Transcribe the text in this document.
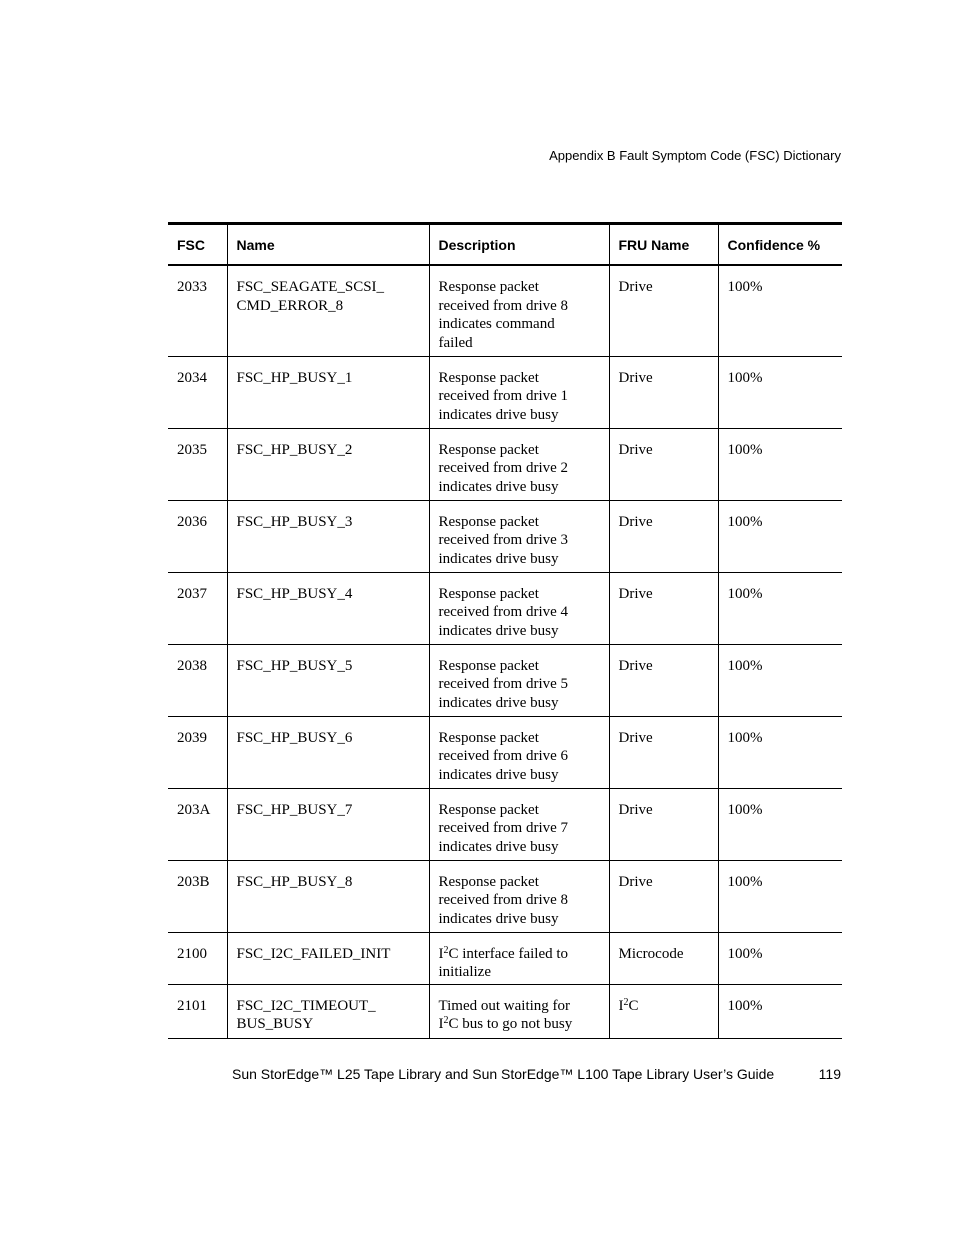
Appendix B Fault Symptom Code (FSC) Dictionary
FSC	Name	Description	FRU Name	Confidence %
2033	FSC_SEAGATE_SCSI_
CMD_ERROR_8	Response packet
received from drive 8
indicates command
failed	Drive	100%
2034	FSC_HP_BUSY_1	Response packet
received from drive 1
indicates drive busy	Drive	100%
2035	FSC_HP_BUSY_2	Response packet
received from drive 2
indicates drive busy	Drive	100%
2036	FSC_HP_BUSY_3	Response packet
received from drive 3
indicates drive busy	Drive	100%
2037	FSC_HP_BUSY_4	Response packet
received from drive 4
indicates drive busy	Drive	100%
2038	FSC_HP_BUSY_5	Response packet
received from drive 5
indicates drive busy	Drive	100%
2039	FSC_HP_BUSY_6	Response packet
received from drive 6
indicates drive busy	Drive	100%
203A	FSC_HP_BUSY_7	Response packet
received from drive 7
indicates drive busy	Drive	100%
203B	FSC_HP_BUSY_8	Response packet
received from drive 8
indicates drive busy	Drive	100%
2100	FSC_I2C_FAILED_INIT	$I^2C$ interface failed to
initialize	Microcode	100%
2101	FSC_I2C_TIMEOUT_
BUS_BUSY	Timed out waiting for
$I^2C$ bus to go not busy	$I^2C$	100%
Sun StorEdge™ L25 Tape Library and Sun StorEdge™ L100 Tape Library User’s Guide	119
